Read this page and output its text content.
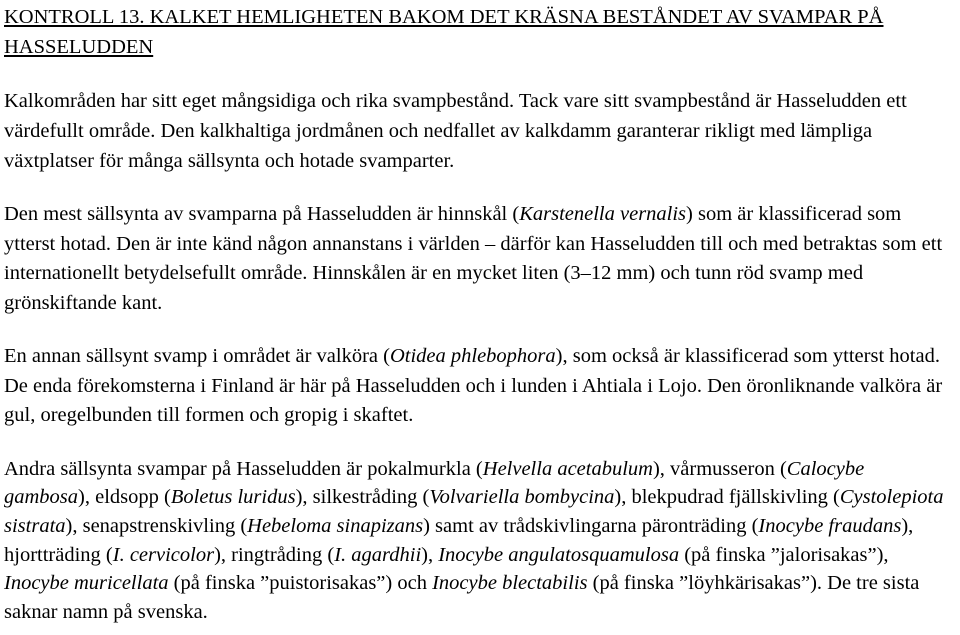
KONTROLL 13. KALKET HEMLIGHETEN BAKOM DET KRÄSNA BESTÅNDET AV SVAMPAR PÅ HASSELUDDEN

Kalkområden har sitt eget mångsidiga och rika svampbestånd. Tack vare sitt svampbestånd är Hasseludden ett värdefullt område. Den kalkhaltiga jordmånen och nedfallet av kalkdamm garanterar rikligt med lämpliga växtplatser för många sällsynta och hotade svamparter.

Den mest sällsynta av svamparna på Hasseludden är hinnskål (Karstenella vernalis) som är klassificerad som ytterst hotad. Den är inte känd någon annanstans i världen – därför kan Hasseludden till och med betraktas som ett internationellt betydelsefullt område. Hinnskålen är en mycket liten (3–12 mm) och tunn röd svamp med grönskiftande kant.

En annan sällsynt svamp i området är valköra (Otidea phlebophora), som också är klassificerad som ytterst hotad. De enda förekomsterna i Finland är här på Hasseludden och i lunden i Ahtiala i Lojo. Den öronliknande valköra är gul, oregelbunden till formen och gropig i skaftet.

Andra sällsynta svampar på Hasseludden är pokalmurkla (Helvella acetabulum), vårmusseron (Calocybe gambosa), eldsopp (Boletus luridus), silkestråding (Volvariella bombycina), blekpudrad fjällskivling (Cystolepiota sistrata), senapstrenskivling (Hebeloma sinapizans) samt av trådskivlingarna päronträding (Inocybe fraudans), hjortträding (I. cervicolor), ringtråding (I. agardhii), Inocybe angulatosquamulosa (på finska ”jalorisakas”), Inocybe muricellata (på finska ”puistorisakas”) och Inocybe blectabilis (på finska ”löyhkärisakas”). De tre sista saknar namn på svenska.
